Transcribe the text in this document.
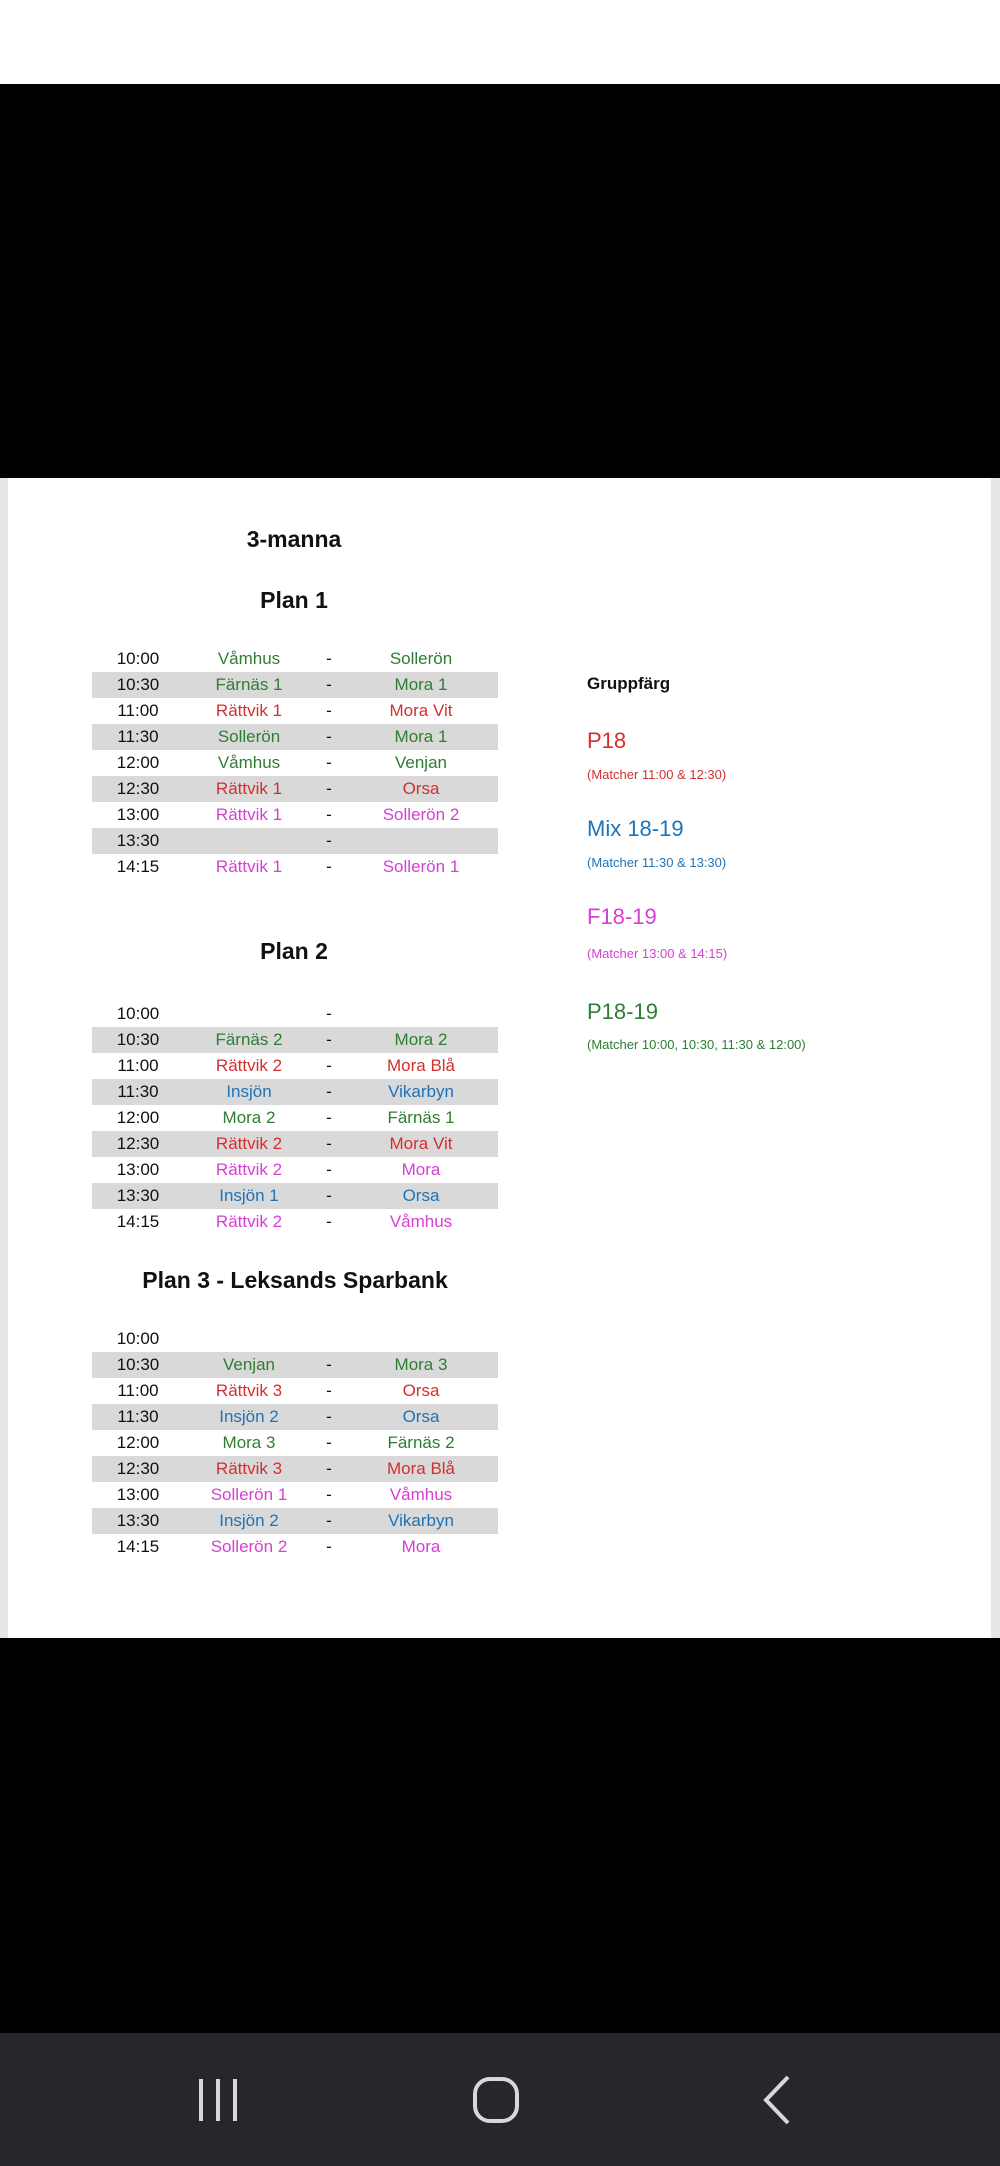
3-manna
Plan 1
10:00	Våmhus	-	Sollerön
10:30	Färnäs 1	-	Mora 1
11:00	Rättvik 1	-	Mora Vit
11:30	Sollerön	-	Mora 1
12:00	Våmhus	-	Venjan
12:30	Rättvik 1	-	Orsa
13:00	Rättvik 1	-	Sollerön 2
13:30		-	
14:15	Rättvik 1	-	Sollerön 1
Plan 2
10:00		-	
10:30	Färnäs 2	-	Mora 2
11:00	Rättvik 2	-	Mora Blå
11:30	Insjön	-	Vikarbyn
12:00	Mora 2	-	Färnäs 1
12:30	Rättvik 2	-	Mora Vit
13:00	Rättvik 2	-	Mora
13:30	Insjön 1	-	Orsa
14:15	Rättvik 2	-	Våmhus
Plan 3 - Leksands Sparbank
10:00			
10:30	Venjan	-	Mora 3
11:00	Rättvik 3	-	Orsa
11:30	Insjön 2	-	Orsa
12:00	Mora 3	-	Färnäs 2
12:30	Rättvik 3	-	Mora Blå
13:00	Sollerön 1	-	Våmhus
13:30	Insjön 2	-	Vikarbyn
14:15	Sollerön 2	-	Mora
Gruppfärg
P18
(Matcher 11:00 & 12:30)
Mix 18-19
(Matcher 11:30 & 13:30)
F18-19
(Matcher 13:00 & 14:15)
P18-19
(Matcher 10:00, 10:30, 11:30 & 12:00)
